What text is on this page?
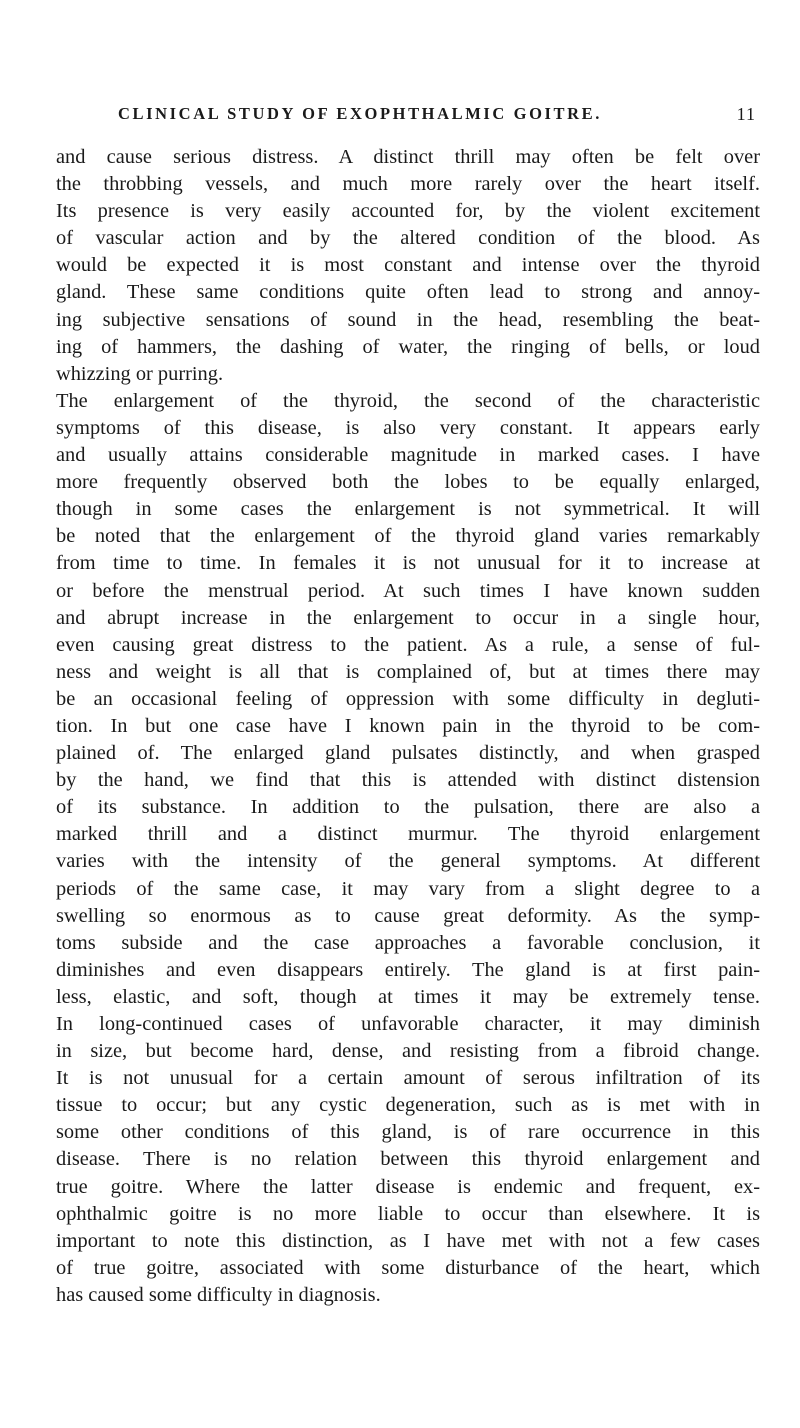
CLINICAL STUDY OF EXOPHTHALMIC GOITRE.	11
and cause serious distress. A distinct thrill may often be felt over
the throbbing vessels, and much more rarely over the heart itself.
Its presence is very easily accounted for, by the violent excitement
of vascular action and by the altered condition of the blood. As
would be expected it is most constant and intense over the thyroid
gland. These same conditions quite often lead to strong and annoy-
ing subjective sensations of sound in the head, resembling the beat-
ing of hammers, the dashing of water, the ringing of bells, or loud
whizzing or purring.
The enlargement of the thyroid, the second of the characteristic
symptoms of this disease, is also very constant. It appears early
and usually attains considerable magnitude in marked cases. I have
more frequently observed both the lobes to be equally enlarged,
though in some cases the enlargement is not symmetrical. It will
be noted that the enlargement of the thyroid gland varies remarkably
from time to time. In females it is not unusual for it to increase at
or before the menstrual period. At such times I have known sudden
and abrupt increase in the enlargement to occur in a single hour,
even causing great distress to the patient. As a rule, a sense of ful-
ness and weight is all that is complained of, but at times there may
be an occasional feeling of oppression with some difficulty in degluti-
tion. In but one case have I known pain in the thyroid to be com-
plained of. The enlarged gland pulsates distinctly, and when grasped
by the hand, we find that this is attended with distinct distension
of its substance. In addition to the pulsation, there are also a
marked thrill and a distinct murmur. The thyroid enlargement
varies with the intensity of the general symptoms. At different
periods of the same case, it may vary from a slight degree to a
swelling so enormous as to cause great deformity. As the symp-
toms subside and the case approaches a favorable conclusion, it
diminishes and even disappears entirely. The gland is at first pain-
less, elastic, and soft, though at times it may be extremely tense.
In long-continued cases of unfavorable character, it may diminish
in size, but become hard, dense, and resisting from a fibroid change.
It is not unusual for a certain amount of serous infiltration of its
tissue to occur; but any cystic degeneration, such as is met with in
some other conditions of this gland, is of rare occurrence in this
disease. There is no relation between this thyroid enlargement and
true goitre. Where the latter disease is endemic and frequent, ex-
ophthalmic goitre is no more liable to occur than elsewhere. It is
important to note this distinction, as I have met with not a few cases
of true goitre, associated with some disturbance of the heart, which
has caused some difficulty in diagnosis.
